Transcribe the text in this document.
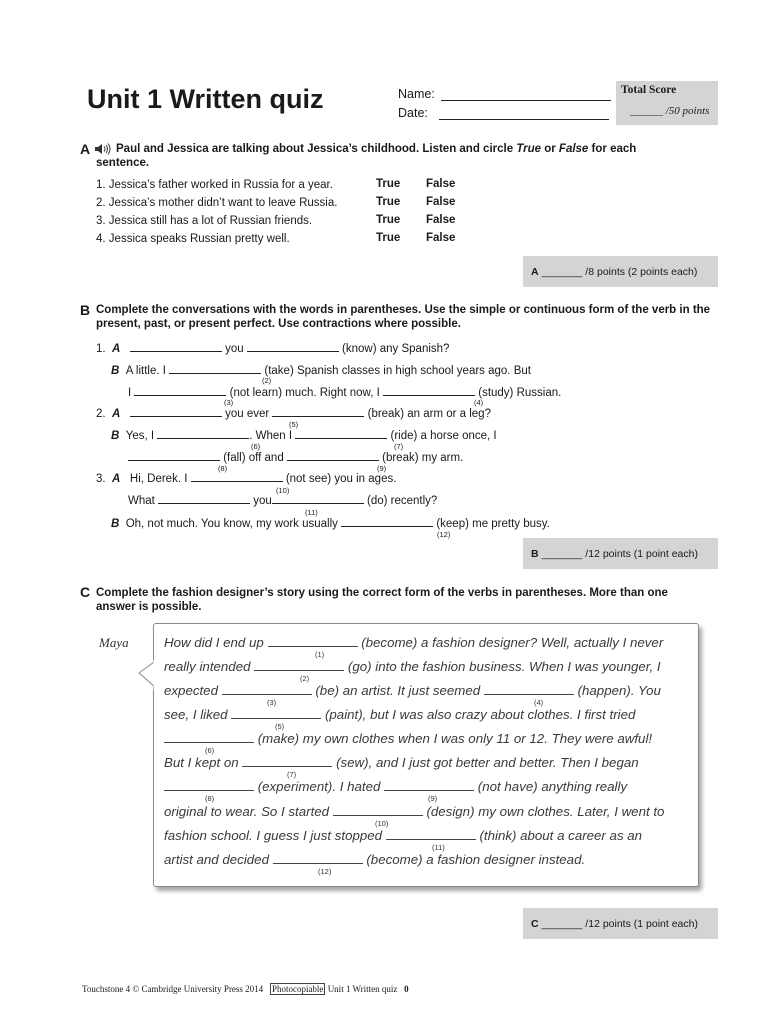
Unit 1 Written quiz	Name:
Date:
Total Score
______ /50 points
A	Paul and Jessica are talking about Jessica’s childhood. Listen and circle True or False for each sentence.
1. Jessica’s father worked in Russia for a year.	True False
2. Jessica’s mother didn’t want to leave Russia.	True False
3. Jessica still has a lot of Russian friends.	True False
4. Jessica speaks Russian pretty well.	True False
A
_______ /8 points (2 points each)
B Complete the conversations with the words in parentheses. Use the simple or continuous form of the verb in the present, past, or present perfect. Use contractions where possible.
1. A	you	(know) any Spanish?
B A little. I	(take) Spanish classes in high school years ago. But
I	(not learn) much. Right now, I	(study) Russian.
(2)
(3)	(4)
2. A	you ever	(break) an arm or a leg?
(5)
B Yes, I	. When I	(ride) a horse once, I
(6)	(7)
(fall) off and	(break) my arm.
(8)	(9)
3. A Hi, Derek. I	(not see) you in ages.
(10)
What	you	(do) recently?
(11)
B Oh, not much. You know, my work usually	(keep) me pretty busy.
(12)
B
_______ /12 points (1 point each)
C Complete the fashion designer’s story using the correct form of the verbs in parentheses. More than one answer is possible.
Maya	How did I end up	(become) a fashion designer? Well, actually I never
(1)
really intended	(go) into the fashion business. When I was younger, I
(2)
expected	(be) an artist. It just seemed	(happen). You
(3)	(4)
see, I liked	(paint), but I was also crazy about clothes. I first tried
(5)
(make) my own clothes when I was only 11 or 12. They were awful!
(6)
But I kept on	(sew), and I just got better and better. Then I began
(7)
(experiment). I hated	(not have) anything really
(8)	(9)
original to wear. So I started	(design) my own clothes. Later, I went to
(10)
fashion school. I guess I just stopped	(think) about a career as an
(11)
artist and decided	(become) a fashion designer instead.
(12)
C
_______ /12 points (1 point each)
Touchstone 4 © Cambridge University Press 2014 Photocopiable Unit 1 Written quiz 0
